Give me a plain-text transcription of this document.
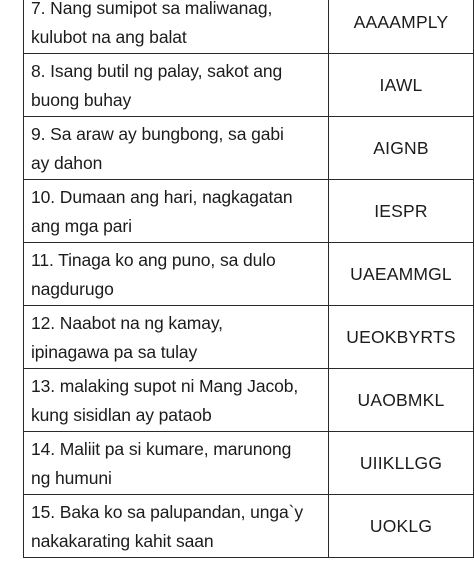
7. Nang sumipot sa maliwanag,
kulubot na ang balat	AAAAMPLY

8. Isang butil ng palay, sakot ang
buong buhay	IAWL

9. Sa araw ay bungbong, sa gabi
ay dahon	AIGNB

10. Dumaan ang hari, nagkagatan
ang mga pari	IESPR

11. Tinaga ko ang puno, sa dulo
nagdurugo	UAEAMMGL

12. Naabot na ng kamay,
ipinagawa pa sa tulay	UEOKBYRTS

13. malaking supot ni Mang Jacob,
kung sisidlan ay pataob	UAOBMKL

14. Maliit pa si kumare, marunong
ng humuni	UIIKLLGG

15. Baka ko sa palupandan, unga`y
nakakarating kahit saan	UOKLG
